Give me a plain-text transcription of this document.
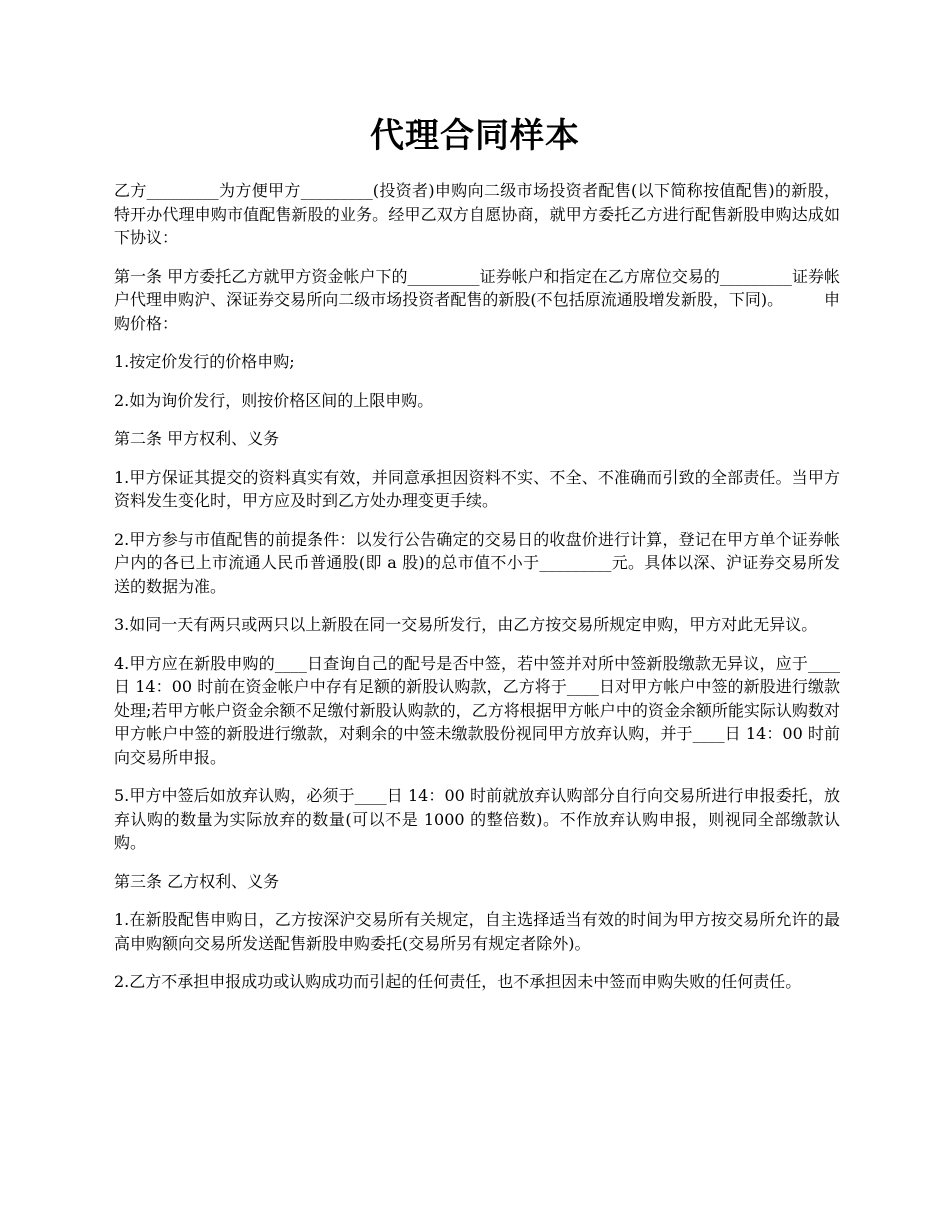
代理合同样本

乙方_________为方便甲方_________(投资者)申购向二级市场投资者配售(以下简称按值配售)的新股，特开办代理申购市值配售新股的业务。经甲乙双方自愿协商，就甲方委托乙方进行配售新股申购达成如下协议：

第一条 甲方委托乙方就甲方资金帐户下的_________证券帐户和指定在乙方席位交易的_________证券帐户代理申购沪、深证券交易所向二级市场投资者配售的新股(不包括原流通股增发新股，下同)。        申购价格：

1.按定价发行的价格申购;

2.如为询价发行，则按价格区间的上限申购。

第二条 甲方权利、义务

1.甲方保证其提交的资料真实有效，并同意承担因资料不实、不全、不准确而引致的全部责任。当甲方资料发生变化时，甲方应及时到乙方处办理变更手续。

2.甲方参与市值配售的前提条件：以发行公告确定的交易日的收盘价进行计算，登记在甲方单个证券帐户内的各已上市流通人民币普通股(即 a 股)的总市值不小于_________元。具体以深、沪证券交易所发送的数据为准。

3.如同一天有两只或两只以上新股在同一交易所发行，由乙方按交易所规定申购，甲方对此无异议。

4.甲方应在新股申购的____日查询自己的配号是否中签，若中签并对所中签新股缴款无异议，应于____日 14：00 时前在资金帐户中存有足额的新股认购款，乙方将于____日对甲方帐户中签的新股进行缴款处理;若甲方帐户资金余额不足缴付新股认购款的，乙方将根据甲方帐户中的资金余额所能实际认购数对甲方帐户中签的新股进行缴款，对剩余的中签未缴款股份视同甲方放弃认购，并于____日 14：00 时前向交易所申报。

5.甲方中签后如放弃认购，必须于____日 14：00 时前就放弃认购部分自行向交易所进行申报委托，放弃认购的数量为实际放弃的数量(可以不是 1000 的整倍数)。不作放弃认购申报，则视同全部缴款认购。

第三条 乙方权利、义务

1.在新股配售申购日，乙方按深沪交易所有关规定，自主选择适当有效的时间为甲方按交易所允许的最高申购额向交易所发送配售新股申购委托(交易所另有规定者除外)。

2.乙方不承担申报成功或认购成功而引起的任何责任，也不承担因未中签而申购失败的任何责任。
